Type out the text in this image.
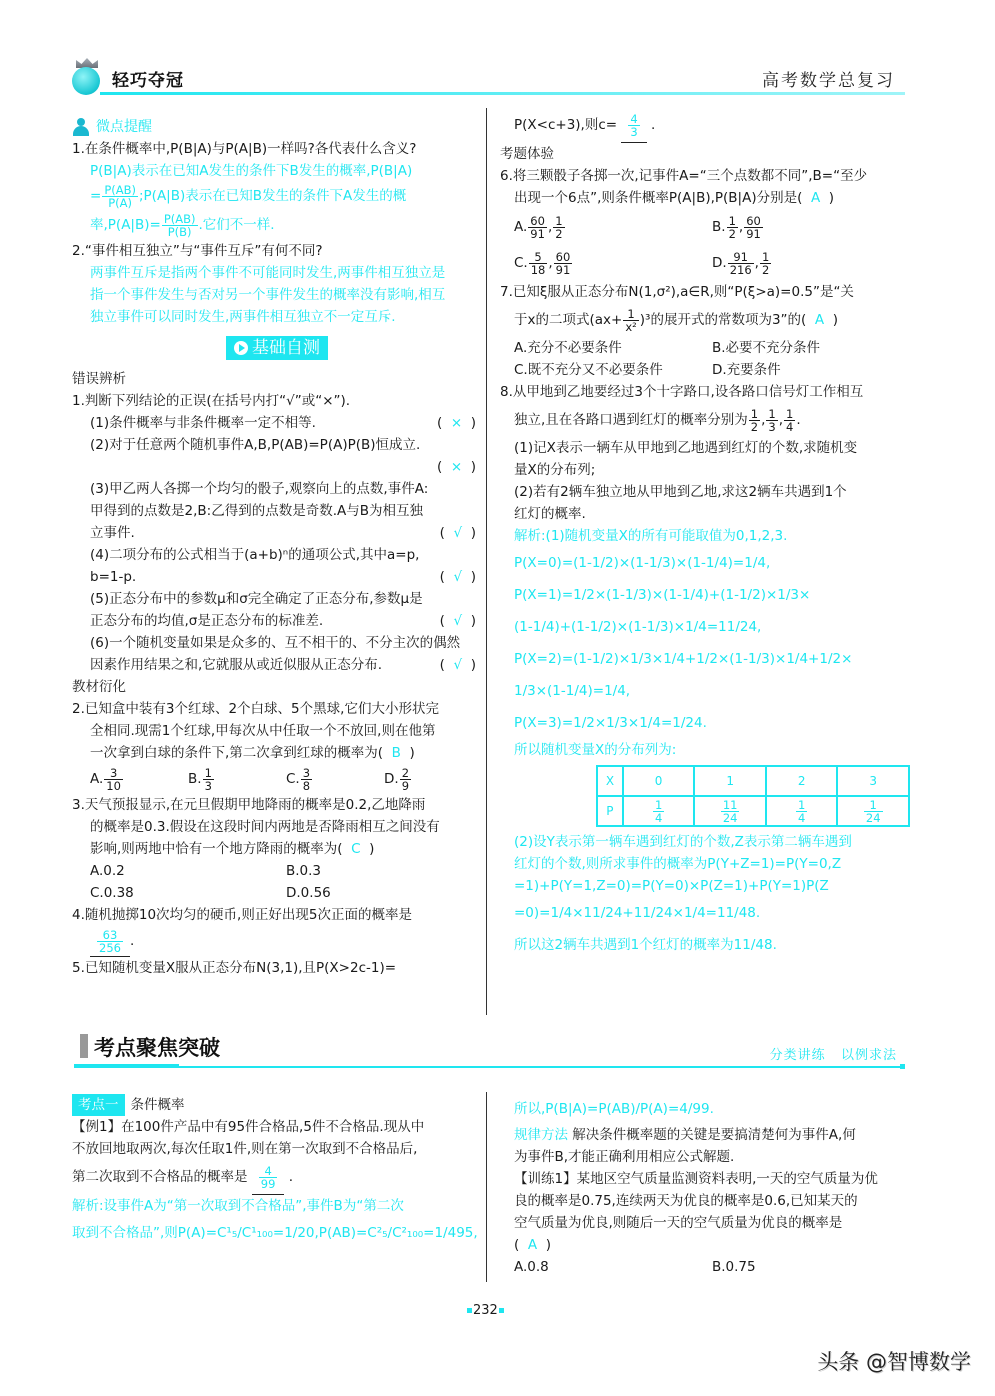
轻巧夺冠	高考数学总复习
微点提醒
1.在条件概率中,P(B|A)与P(A|B)一样吗?各代表什么含义?
P(B|A)表示在已知A发生的条件下B发生的概率,P(B|A)
= $\frac{P(AB)}{P(A)}$ ;P(A|B)表示在已知B发生的条件下A发生的概
率$,P(A|B)= \frac{P(AB)}{P(B)}$ .它们不一样.
2.“事件相互独立”与“事件互斥”有何不同?
两事件互斥是指两个事件不可能同时发生,两事件相互独立是
指一个事件发生与否对另一个事件发生的概率没有影响,相互
独立事件可以同时发生,两事件相互独立不一定互斥.
基础自测
错误辨析
1.判断下列结论的正误(在括号内打“√”或“×”).
(1)条件概率与非条件概率一定不相等.	(  ×  )
(2)对于任意两个随机事件A,B,P(AB)=P(A)P(B)恒成立.
(  ×  )

(3)甲乙两人各掷一个均匀的骰子,观察向上的点数,事件A:
甲得到的点数是2,B:乙得到的点数是奇数.A与B为相互独
立事件.	(  √  )
(4)二项分布的公式相当于(a+b)ⁿ的通项公式,其中a=p,
b=1-p.	(  √  )
(5)正态分布中的参数μ和σ完全确定了正态分布,参数μ是
正态分布的均值,σ是正态分布的标准差.	(  √  )
(6)一个随机变量如果是众多的、互不相干的、不分主次的偶然
因素作用结果之和,它就服从或近似服从正态分布.	(  √  )
教材衍化
2.已知盒中装有3个红球、2个白球、5个黑球,它们大小形状完
全相同.现需1个红球,甲每次从中任取一个不放回,则在他第
一次拿到白球的条件下,第二次拿到红球的概率为( B  )
A. $\frac{3}{10}$	B. $\frac{1}{3}$	C. $\frac{3}{8}$	D. $\frac{2}{9}$
3.天气预报显示,在元旦假期甲地降雨的概率是0.2,乙地降雨
的概率是0.3.假设在这段时间内两地是否降雨相互之间没有
影响,则两地中恰有一个地方降雨的概率为( C  )
A.0.2	B.0.3
C.0.38	D.0.56
4.随机抛掷10次均匀的硬币,则正好出现5次正面的概率是
$\frac{63}{256}$ .
5.已知随机变量X服从正态分布N(3,1),且P(X>2c-1)=
P(X<c+3),则$c= \frac{4}{3}$ .
考题体验
6.将三颗骰子各掷一次,记事件A=“三个点数都不同”,B=“至少
出现一个6点”,则条件概率P(A|B),P(B|A)分别是( A  )
A. $\frac{60}{91}$ , $\frac{1}{2}$	B. $\frac{1}{2}$ , $\frac{60}{91}$
C. $\frac{5}{18}$ , $\frac{60}{91}$	D. $\frac{91}{216}$ , $\frac{1}{2}$
7.已知ξ服从正态分布N(1,σ²),a∈R,则“P(ξ>a)=0.5”是“关
于x的二项式$(ax+ \frac{1}{\text{x²}} )^3$的展开式的常数项为3”的( A  )
A.充分不必要条件	B.必要不充分条件
C.既不充分又不必要条件	D.充要条件
8.从甲地到乙地要经过3个十字路口,设各路口信号灯工作相互
独立,且在各路口遇到红灯的概率分别为 $\frac{1}{2}$ , $\frac{1}{3}$ , $\frac{1}{4}$ .
(1)记X表示一辆车从甲地到乙地遇到红灯的个数,求随机变
量X的分布列;
(2)若有2辆车独立地从甲地到乙地,求这2辆车共遇到1个
红灯的概率.
解析:(1)随机变量X的所有可能取值为0,1,2,3.
P(X=0)=(1-1/2)×(1-1/3)×(1-1/4)=1/4,
P(X=1)=1/2×(1-1/3)×(1-1/4)+(1-1/2)×1/3×
(1-1/4)+(1-1/2)×(1-1/3)×1/4=11/24,
P(X=2)=(1-1/2)×1/3×1/4+1/2×(1-1/3)×1/4+1/2×
1/3×(1-1/4)=1/4,
P(X=3)=1/2×1/3×1/4=1/24.
所以随机变量X的分布列为:
X	0	1	2	3
P	$\frac{1}{4}$	$\frac{11}{24}$	$\frac{1}{4}$	$\frac{1}{24}$
(2)设Y表示第一辆车遇到红灯的个数,Z表示第二辆车遇到
红灯的个数,则所求事件的概率为P(Y+Z=1)=P(Y=0,Z
=1)+P(Y=1,Z=0)=P(Y=0)×P(Z=1)+P(Y=1)P(Z
=0)=1/4×11/24+11/24×1/4=11/48.
所以这2辆车共遇到1个红灯的概率为11/48.
考点聚焦突破	分类讲练 以例求法
考点一 条件概率
【例1】在100件产品中有95件合格品,5件不合格品.现从中
不放回地取两次,每次任取1件,则在第一次取到不合格品后,
第二次取到不合格品的概率是 $\frac{4}{99}$ .
解析:设事件A为“第一次取到不合格品”,事件B为“第二次
取到不合格品”,则P(A)=C¹₅/C¹₁₀₀=1/20,P(AB)=C²₅/C²₁₀₀=1/495,
所以,P(B|A)=P(AB)/P(A)=4/99.
规律方法 解决条件概率题的关键是要搞清楚何为事件A,何
为事件B,才能正确利用相应公式解题.
【训练1】某地区空气质量监测资料表明,一天的空气质量为优
良的概率是0.75,连续两天为优良的概率是0.6,已知某天的
空气质量为优良,则随后一天的空气质量为优良的概率是
( A  )
A.0.8	B.0.75
232
头条 @智博数学
